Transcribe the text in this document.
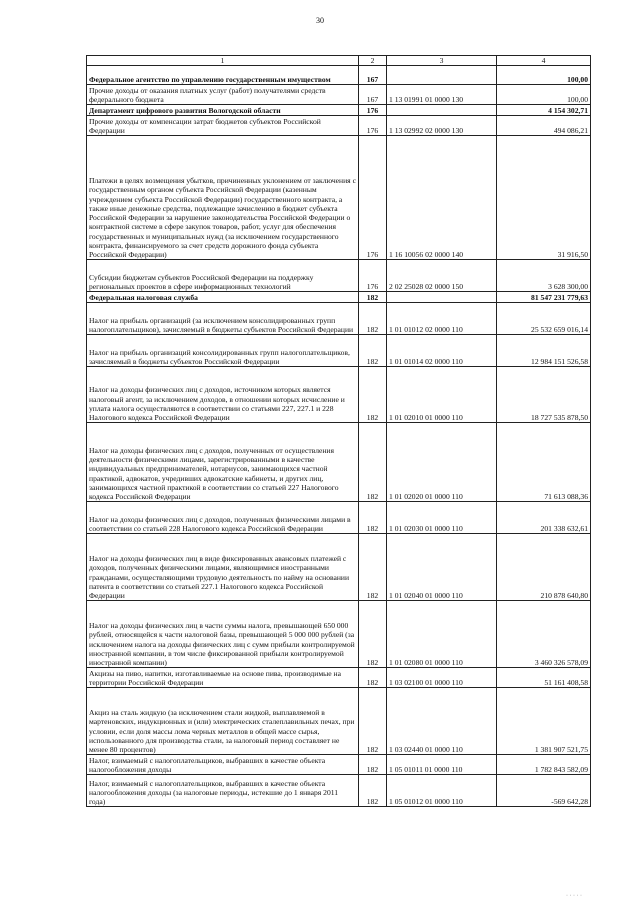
30
1	2	3	4
Федеральное агентство по управлению государственным имуществом	167		100,00
Прочие доходы от оказания платных услуг (работ) получателями средств федерального бюджета	167	1 13 01991 01 0000 130	100,00
Департамент цифрового развития Вологодской области	176		4 154 302,71
Прочие доходы от компенсации затрат бюджетов субъектов Российской Федерации	176	1 13 02992 02 0000 130	494 086,21
Платежи в целях возмещения убытков, причиненных уклонением от заключения с государственным органом субъекта Российской Федерации (казенным учреждением субъекта Российской Федерации) государственного контракта, а также иные денежные средства, подлежащие зачислению в бюджет субъекта Российской Федерации за нарушение законодательства Российской Федерации о контрактной системе в сфере закупок товаров, работ, услуг для обеспечения государственных и муниципальных нужд (за исключением государственного контракта, финансируемого за счет средств дорожного фонда субъекта Российской Федерации)	176	1 16 10056 02 0000 140	31 916,50
Субсидии бюджетам субъектов Российской Федерации на поддержку региональных проектов в сфере информационных технологий	176	2 02 25028 02 0000 150	3 628 300,00
Федеральная налоговая служба	182		81 547 231 779,63
Налог на прибыль организаций (за исключением консолидированных групп налогоплательщиков), зачисляемый в бюджеты субъектов Российской Федерации	182	1 01 01012 02 0000 110	25 532 659 016,14
Налог на прибыль организаций консолидированных групп налогоплательщиков, зачисляемый в бюджеты субъектов Российской Федерации	182	1 01 01014 02 0000 110	12 984 151 526,58
Налог на доходы физических лиц с доходов, источником которых является налоговый агент, за исключением доходов, в отношении которых исчисление и уплата налога осуществляются в соответствии со статьями 227, 227.1 и 228 Налогового кодекса Российской Федерации	182	1 01 02010 01 0000 110	18 727 535 878,50
Налог на доходы физических лиц с доходов, полученных от осуществления деятельности физическими лицами, зарегистрированными в качестве индивидуальных предпринимателей, нотариусов, занимающихся частной практикой, адвокатов, учредивших адвокатские кабинеты, и других лиц, занимающихся частной практикой в соответствии со статьей 227 Налогового кодекса Российской Федерации	182	1 01 02020 01 0000 110	71 613 088,36
Налог на доходы физических лиц с доходов, полученных физическими лицами в соответствии со статьей 228 Налогового кодекса Российской Федерации	182	1 01 02030 01 0000 110	201 338 632,61
Налог на доходы физических лиц в виде фиксированных авансовых платежей с доходов, полученных физическими лицами, являющимися иностранными гражданами, осуществляющими трудовую деятельность по найму на основании патента в соответствии со статьей 227.1 Налогового кодекса Российской Федерации	182	1 01 02040 01 0000 110	210 878 640,80
Налог на доходы физических лиц в части суммы налога, превышающей 650 000 рублей, относящейся к части налоговой базы, превышающей 5 000 000 рублей (за исключением налога на доходы физических лиц с сумм прибыли контролируемой иностранной компании, в том числе фиксированной прибыли контролируемой иностранной компании)	182	1 01 02080 01 0000 110	3 460 326 578,09
Акцизы на пиво, напитки, изготавливаемые на основе пива, производимые на территории Российской Федерации	182	1 03 02100 01 0000 110	51 161 408,58
Акциз на сталь жидкую (за исключением стали жидкой, выплавляемой в мартеновских, индукционных и (или) электрических сталеплавильных печах, при условии, если доля массы лома черных металлов в общей массе сырья, использованного для производства стали, за налоговый период составляет не менее 80 процентов)	182	1 03 02440 01 0000 110	1 381 907 521,75
Налог, взимаемый с налогоплательщиков, выбравших в качестве объекта налогообложения доходы	182	1 05 01011 01 0000 110	1 782 843 582,09
Налог, взимаемый с налогоплательщиков, выбравших в качестве объекта налогообложения доходы (за налоговые периоды, истекшие до 1 января 2011 года)	182	1 05 01012 01 0000 110	-569 642,28
· · · · ·
